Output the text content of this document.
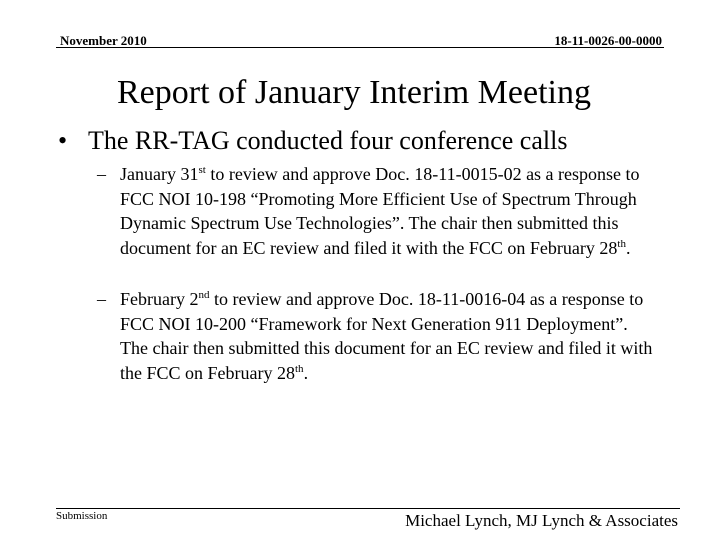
November 2010	18-11-0026-00-0000
Report of January Interim Meeting
• The RR-TAG conducted four conference calls
– January 31st to review and approve Doc. 18-11-0015-02 as a response to FCC NOI 10-198 “Promoting More Efficient Use of Spectrum Through Dynamic Spectrum Use Technologies”. The chair then submitted this document for an EC review and filed it with the FCC on February 28th.
– February 2nd to review and approve Doc. 18-11-0016-04 as a response to FCC NOI 10-200 “Framework for Next Generation 911 Deployment”. The chair then submitted this document for an EC review and filed it with the FCC on February 28th.
Submission	Michael Lynch, MJ Lynch & Associates
